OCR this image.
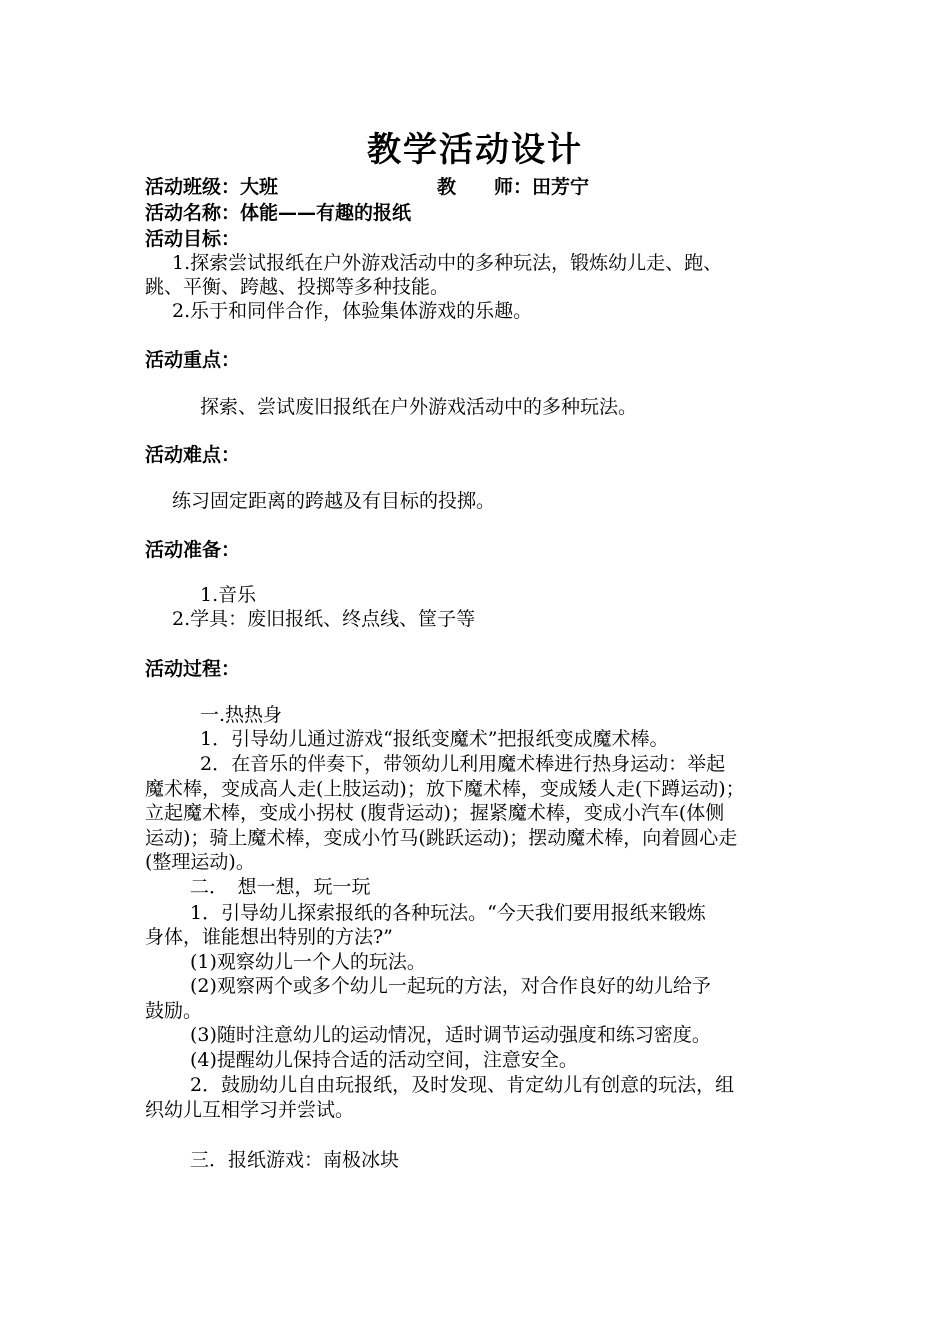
教学活动设计
活动班级：大班	教　　师：田芳宁
活动名称：体能——有趣的报纸
活动目标：
1.探索尝试报纸在户外游戏活动中的多种玩法，锻炼幼儿走、跑、
跳、平衡、跨越、投掷等多种技能。
2.乐于和同伴合作，体验集体游戏的乐趣。
活动重点：
探索、尝试废旧报纸在户外游戏活动中的多种玩法。
活动难点：
练习固定距离的跨越及有目标的投掷。
活动准备：
1.音乐
2.学具：废旧报纸、终点线、筐子等
活动过程：
一.热热身
1．引导幼儿通过游戏“报纸变魔术”把报纸变成魔术棒。
2．在音乐的伴奏下，带领幼儿利用魔术棒进行热身运动：举起
魔术棒，变成高人走(上肢运动)；放下魔术棒，变成矮人走(下蹲运动)；
立起魔术棒，变成小拐杖 (腹背运动)；握紧魔术棒，变成小汽车(体侧
运动)；骑上魔术棒，变成小竹马(跳跃运动)；摆动魔术棒，向着圆心走
(整理运动)。
二．　想一想，玩一玩
1．引导幼儿探索报纸的各种玩法。“今天我们要用报纸来锻炼
身体，谁能想出特别的方法?”
(1)观察幼儿一个人的玩法。
(2)观察两个或多个幼儿一起玩的方法，对合作良好的幼儿给予
鼓励。
(3)随时注意幼儿的运动情况，适时调节运动强度和练习密度。
(4)提醒幼儿保持合适的活动空间，注意安全。
2．鼓励幼儿自由玩报纸，及时发现、肯定幼儿有创意的玩法，组
织幼儿互相学习并尝试。
三．报纸游戏：南极冰块
